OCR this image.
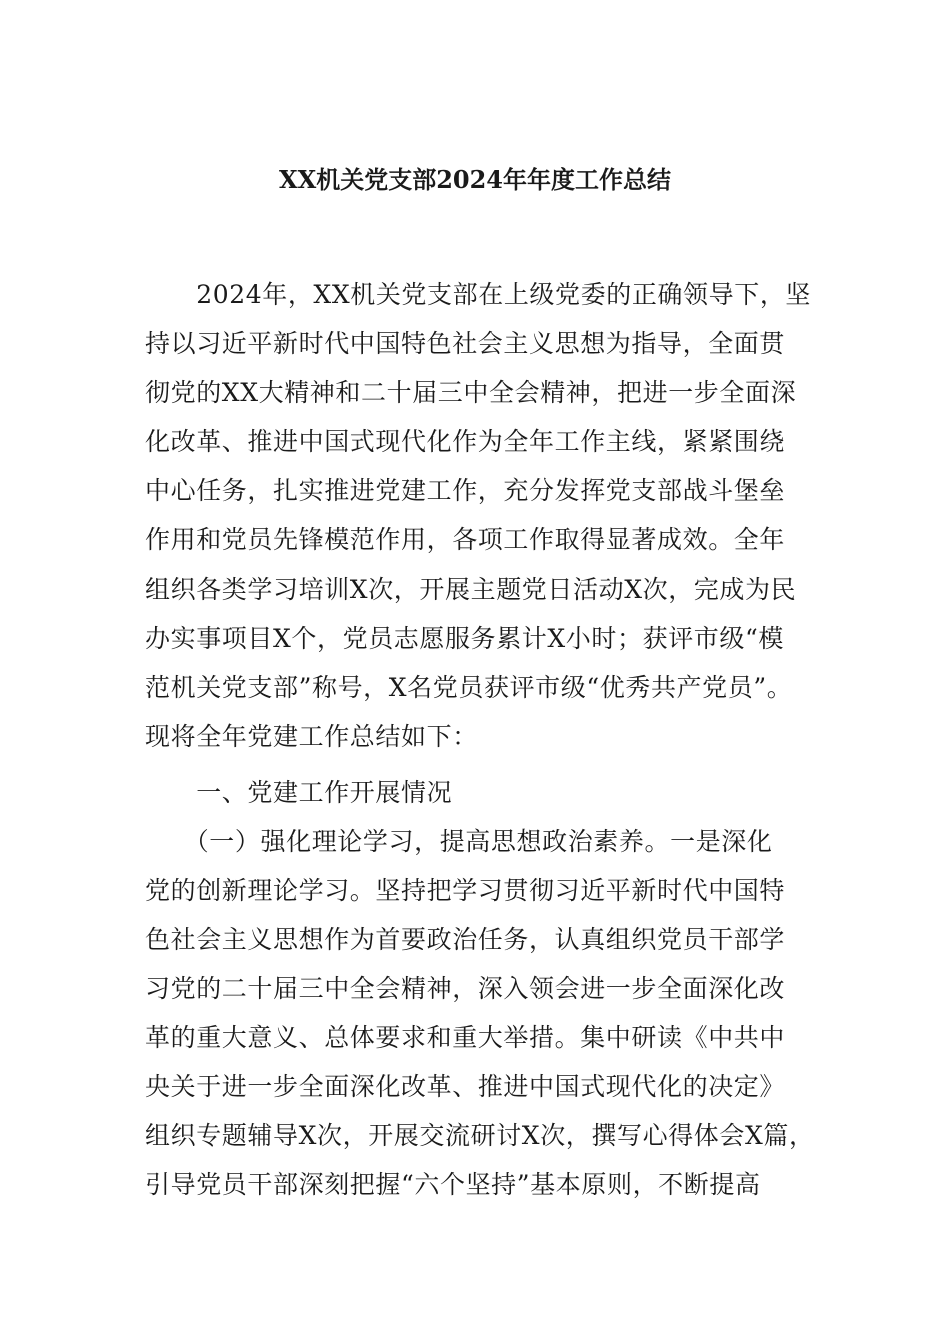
XX机关党支部2024年年度工作总结
　　2024年，XX机关党支部在上级党委的正确领导下，坚
持以习近平新时代中国特色社会主义思想为指导，全面贯
彻党的XX大精神和二十届三中全会精神，把进一步全面深
化改革、推进中国式现代化作为全年工作主线，紧紧围绕
中心任务，扎实推进党建工作，充分发挥党支部战斗堡垒
作用和党员先锋模范作用，各项工作取得显著成效。全年
组织各类学习培训X次，开展主题党日活动X次，完成为民
办实事项目X个，党员志愿服务累计X小时；获评市级“模
范机关党支部”称号，X名党员获评市级“优秀共产党员”。
现将全年党建工作总结如下：
　　一、党建工作开展情况
　　（一）强化理论学习，提高思想政治素养。一是深化
党的创新理论学习。坚持把学习贯彻习近平新时代中国特
色社会主义思想作为首要政治任务，认真组织党员干部学
习党的二十届三中全会精神，深入领会进一步全面深化改
革的重大意义、总体要求和重大举措。集中研读《中共中
央关于进一步全面深化改革、推进中国式现代化的决定》
组织专题辅导X次，开展交流研讨X次，撰写心得体会X篇，
引导党员干部深刻把握“六个坚持”基本原则，不断提高
